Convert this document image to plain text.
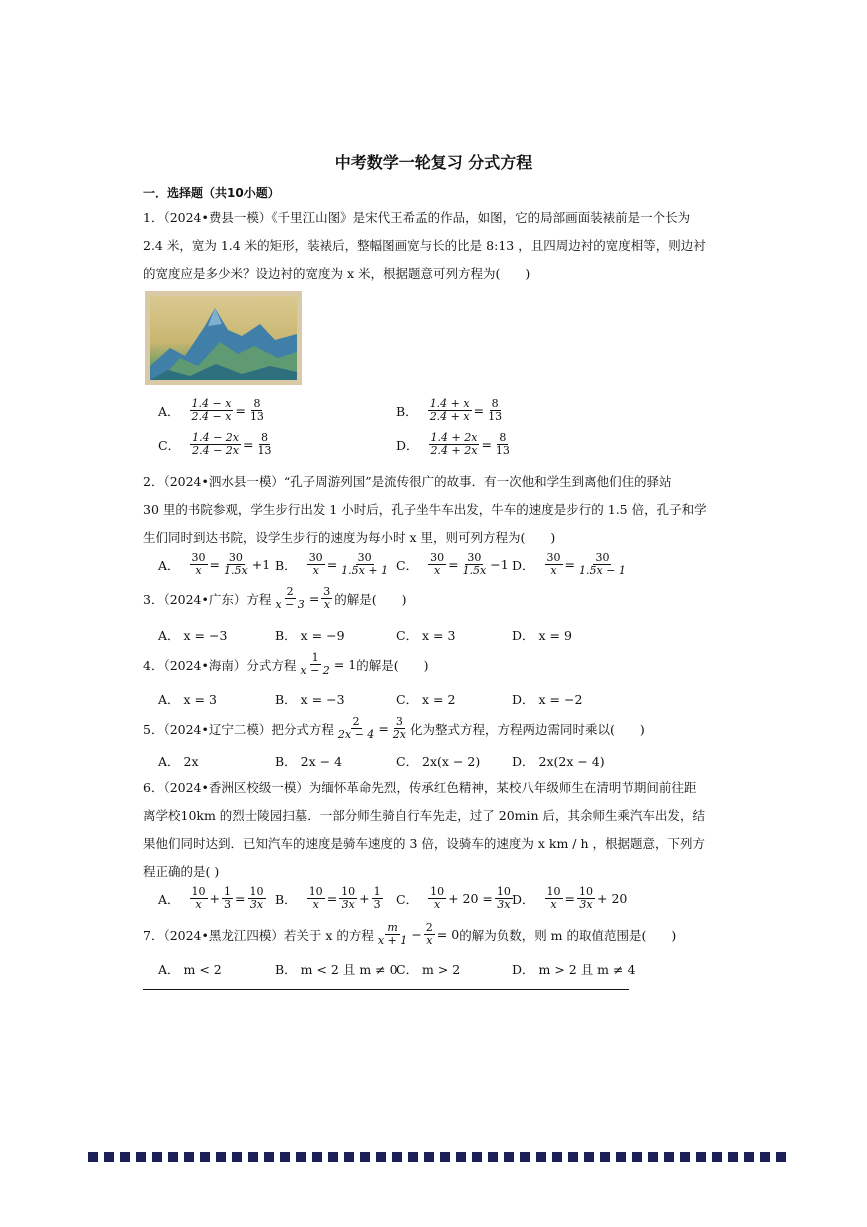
中考数学一轮复习 分式方程
一．选择题（共10小题）
1．（2024•费县一模）《千里江山图》是宋代王希孟的作品，如图，它的局部画面装裱前是一个长为
2.4 米，宽为 1.4 米的矩形，装裱后，整幅图画宽与长的比是 8:13 ，且四周边衬的宽度相等，则边衬
的宽度应是多少米？设边衬的宽度为 x 米，根据题意可列方程为(　　)
A． $\frac{1.4 - x}{2.4 - x} = \frac{8}{13}$	B． $\frac{1.4 + x}{2.4 + x} = \frac{8}{13}$
C． $\frac{1.4 - 2x}{2.4 - 2x} = \frac{8}{13}$	D． $\frac{1.4 + 2x}{2.4 + 2x} = \frac{8}{13}$
2．（2024•泗水县一模）“孔子周游列国”是流传很广的故事．有一次他和学生到离他们住的驿站
30 里的书院参观，学生步行出发 1 小时后，孔子坐牛车出发，牛车的速度是步行的 1.5 倍，孔子和学
生们同时到达书院，设学生步行的速度为每小时 x 里，则可列方程为(　　)
A． $\frac{30}{x} = \frac{30}{1.5x} +1$ B． $\frac{30}{x} = \frac{30}{1.5x + 1}$ C． $\frac{30}{x} = \frac{30}{1.5x} -1$ D． $\frac{30}{x} = \frac{30}{1.5x - 1}$
3．（2024•广东）方程 $\frac{2}{x - 3} = \frac{3}{x}$ 的解是(　　)
A． x = −3	B． x = −9	C． x = 3	D． x = 9
4．（2024•海南）分式方程 $\frac{1}{x - 2} = 1$ 的解是(　　)
A． x = 3	B． x = −3	C． x = 2	D． x = −2
5．（2024•辽宁二模）把分式方程 $\frac{2}{2x - 4} = \frac{3}{2x}$ 化为整式方程，方程两边需同时乘以(　　)
A． 2x	B． 2x − 4	C． 2x(x − 2)	D． 2x(2x − 4)
6．（2024•香洲区校级一模）为缅怀革命先烈，传承红色精神，某校八年级师生在清明节期间前往距
离学校10km 的烈士陵园扫墓．一部分师生骑自行车先走，过了 20min 后，其余师生乘汽车出发，结
果他们同时达到．已知汽车的速度是骑车速度的 3 倍，设骑车的速度为 x km / h ，根据题意，下列方
程正确的是( )
A． $\frac{10}{x} + \frac{1}{3} = \frac{10}{3x}$ B． $\frac{10}{x} = \frac{10}{3x} + \frac{1}{3}$ C． $\frac{10}{x} + 20 = \frac{10}{3x}$ D． $\frac{10}{x} = \frac{10}{3x} + 20$
7．（2024•黑龙江四模）若关于 x 的方程 $\frac{m}{x + 1} - \frac{2}{x} = 0$ 的解为负数，则 m 的取值范围是(　　)
A． m < 2	B． m < 2 且 m ≠ 0
C． m > 2	D． m > 2 且 m ≠ 4
